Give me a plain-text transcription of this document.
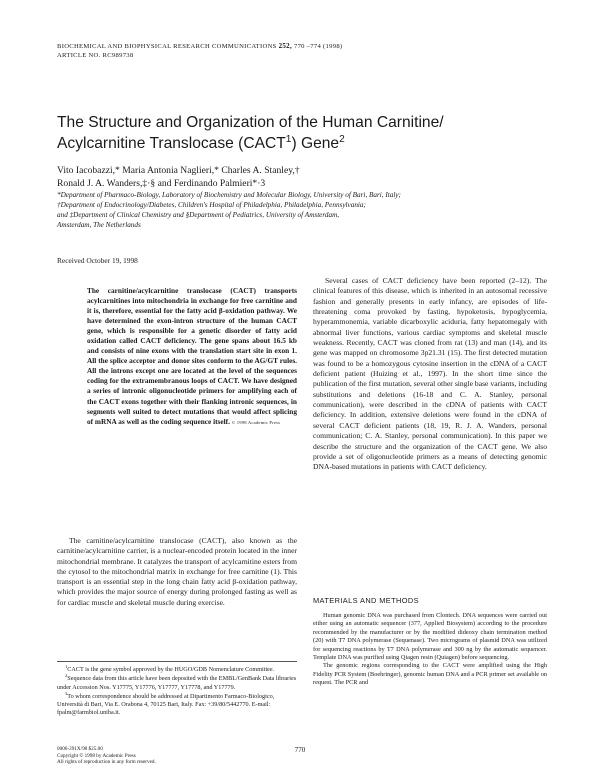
BIOCHEMICAL AND BIOPHYSICAL RESEARCH COMMUNICATIONS 252, 770 –774 (1998)
ARTICLE NO. RC989738
The Structure and Organization of the Human Carnitine/
Acylcarnitine Translocase (CACT$^1$) Gene$^2$
Vito Iacobazzi,* Maria Antonia Naglieri,* Charles A. Stanley,†
Ronald J. A. Wanders,‡·§ and Ferdinando Palmieri*·3
*Department of Pharmaco-Biology, Laboratory of Biochemistry and Molecular Biology, University of Bari, Bari, Italy;
†Department of Endocrinology/Diabetes, Children's Hospital of Philadelphia, Philadelphia, Pennsylvania;
and ‡Department of Clinical Chemistry and §Department of Pediatrics, University of Amsterdam,
Amsterdam, The Netherlands
Received October 19, 1998
The carnitine/acylcarnitine translocase (CACT) transports acylcarnitines into mitochondria in exchange for free carnitine and it is, therefore, essential for the fatty acid β-oxidation pathway. We have determined the exon-intron structure of the human CACT gene, which is responsible for a genetic disorder of fatty acid oxidation called CACT deficiency. The gene spans about 16.5 kb and consists of nine exons with the translation start site in exon 1. All the splice acceptor and donor sites conform to the AG/GT rules. All the introns except one are located at the level of the sequences coding for the extramembranous loops of CACT. We have designed a series of intronic oligonucleotide primers for amplifying each of the CACT exons together with their flanking intronic sequences, in segments well suited to detect mutations that would affect splicing of mRNA as well as the coding sequence itself. © 1998 Academic Press

The carnitine/acylcarnitine translocase (CACT), also known as the carnitine/acylcarnitine carrier, is a nuclear-encoded protein located in the inner mitochondrial membrane. It catalyzes the transport of acylcarnitine esters from the cytosol to the mitochondrial matrix in exchange for free carnitine (1). This transport is an essential step in the long chain fatty acid β-oxidation pathway, which provides the major source of energy during prolonged fasting as well as for cardiac muscle and skeletal muscle during exercise.

$^1$CACT is the gene symbol approved by the HUGO/GDB Nomenclature Committee.

$^2$Sequence data from this article have been deposited with the EMBL/GenBank Data libraries under Accession Nos. Y17775, Y17776, Y17777, Y17778, and Y17779.

$^3$To whom correspondence should be addressed at Dipartimento Farmaco-Biologico, Università di Bari, Via E. Orabona 4, 70125 Bari, Italy. Fax: +39/80/5442770. E-mail: fpalm@farmbiol.uniba.it.

Several cases of CACT deficiency have been reported (2–12). The clinical features of this disease, which is inherited in an autosomal recessive fashion and generally presents in early infancy, are episodes of life-threatening coma provoked by fasting, hypoketosis, hypoglycemia, hyperammonemia, variable dicarboxylic aciduria, fatty hepatomegaly with abnormal liver functions, various cardiac symptoms and skeletal muscle weakness. Recently, CACT was cloned from rat (13) and man (14), and its gene was mapped on chromosome 3p21.31 (15). The first detected mutation was found to be a homozygous cytosine insertion in the cDNA of a CACT deficient patient (Huizing et al., 1997). In the short time since the publication of the first mutation, several other single base variants, including substitutions and deletions (16-18 and C. A. Stanley, personal communication), were described in the cDNA of patients with CACT deficiency. In addition, extensive deletions were found in the cDNA of several CACT deficient patients (18, 19, R. J. A. Wanders, personal communication; C. A. Stanley, personal communication). In this paper we describe the structure and the organization of the CACT gene. We also provide a set of oligonucleotide primers as a means of detecting genomic DNA-based mutations in patients with CACT deficiency.

MATERIALS AND METHODS

Human genomic DNA was purchased from Clontech. DNA sequences were carried out either using an automatic sequencer (377, Applied Biosystem) according to the procedure recommended by the manufacturer or by the modified dideoxy chain termination method (20) with T7 DNA polymerase (Sequenase). Two micrograms of plasmid DNA was utilized for sequencing reactions by T7 DNA polymerase and 300 ng by the automatic sequencer. Template DNA was purified using Qiagen resin (Quiagen) before sequencing.

The genomic regions corresponding to the CACT were amplified using the High Fidelity PCR System (Boehringer), genomic human DNA and a PCR primer set available on request. The PCR and

0006-291X/98 $25.00
Copyright © 1998 by Academic Press
All rights of reproduction in any form reserved.
770
